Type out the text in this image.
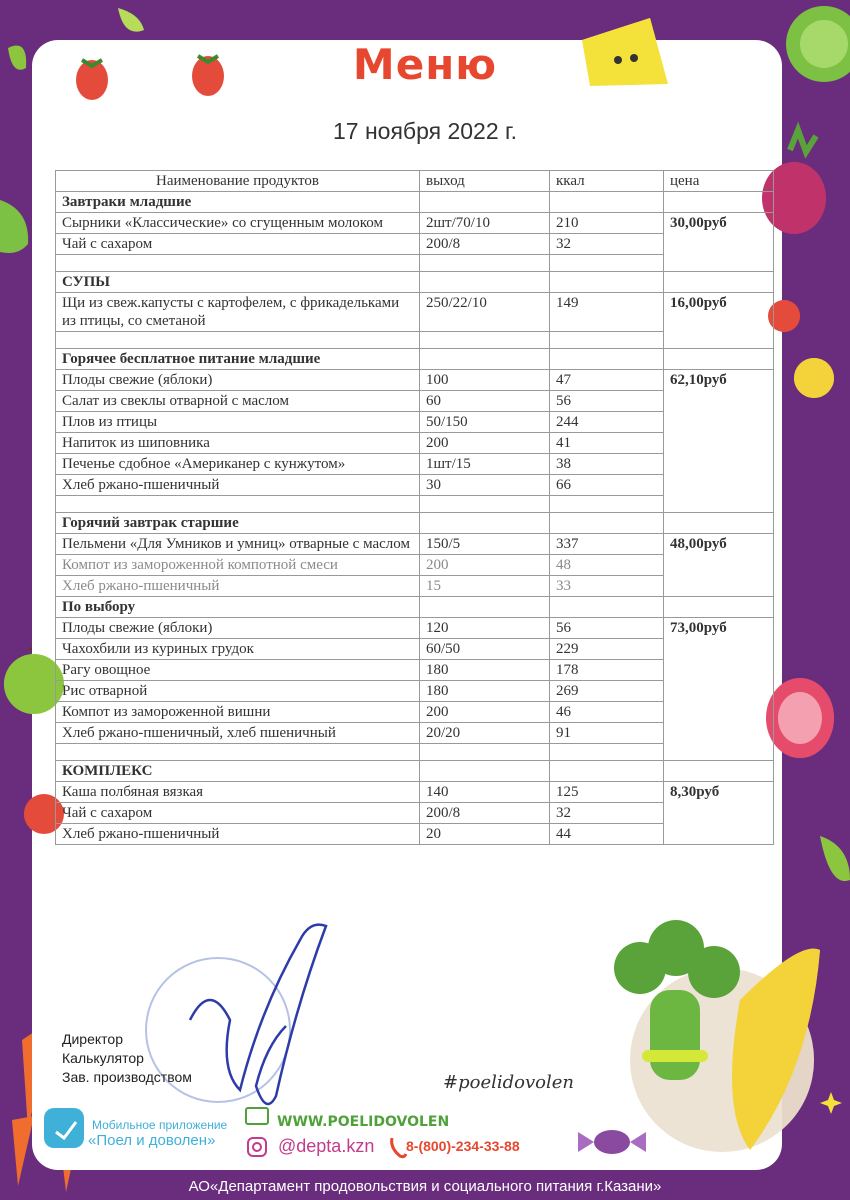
Меню
17 ноября 2022 г.
Наименование продуктов	выход	ккал	цена
Завтраки младшие			
Сырники «Классические» со сгущенным молоком	2шт/70/10	210	30,00руб
Чай с сахаром	200/8	32	

СУПЫ			
Щи из свеж.капусты с картофелем, с фрикадельками из птицы, со сметаной	250/22/10	149	16,00руб

Горячее бесплатное питание младшие			
Плоды свежие (яблоки)	100	47	62,10руб
Салат из свеклы отварной с маслом	60	56	
Плов из птицы	50/150	244	
Напиток из шиповника	200	41	
Печенье сдобное «Американер с кунжутом»	1шт/15	38	
Хлеб ржано-пшеничный	30	66	

Горячий завтрак старшие			
Пельмени «Для Умников и умниц» отварные с маслом	150/5	337	48,00руб
Компот из замороженной компотной смеси	200	48	
Хлеб ржано-пшеничный	15	33	
По выбору			
Плоды свежие (яблоки)	120	56	73,00руб
Чахохбили из куриных грудок	60/50	229	
Рагу овощное	180	178	
Рис отварной	180	269	
Компот из замороженной вишни	200	46	
Хлеб ржано-пшеничный, хлеб пшеничный	20/20	91	

КОМПЛЕКС			
Каша полбяная вязкая	140	125	8,30руб
Чай с сахаром	200/8	32	
Хлеб ржано-пшеничный	20	44	
Директор
Калькулятор
Зав. производством	#poelidovolen
Мобильное приложение
«Поел и доволен»
WWW.POELIDOVOLEN
@depta.kzn 8-(800)-234-33-88
АО«Департамент продовольствия и социального питания г.Казани»
